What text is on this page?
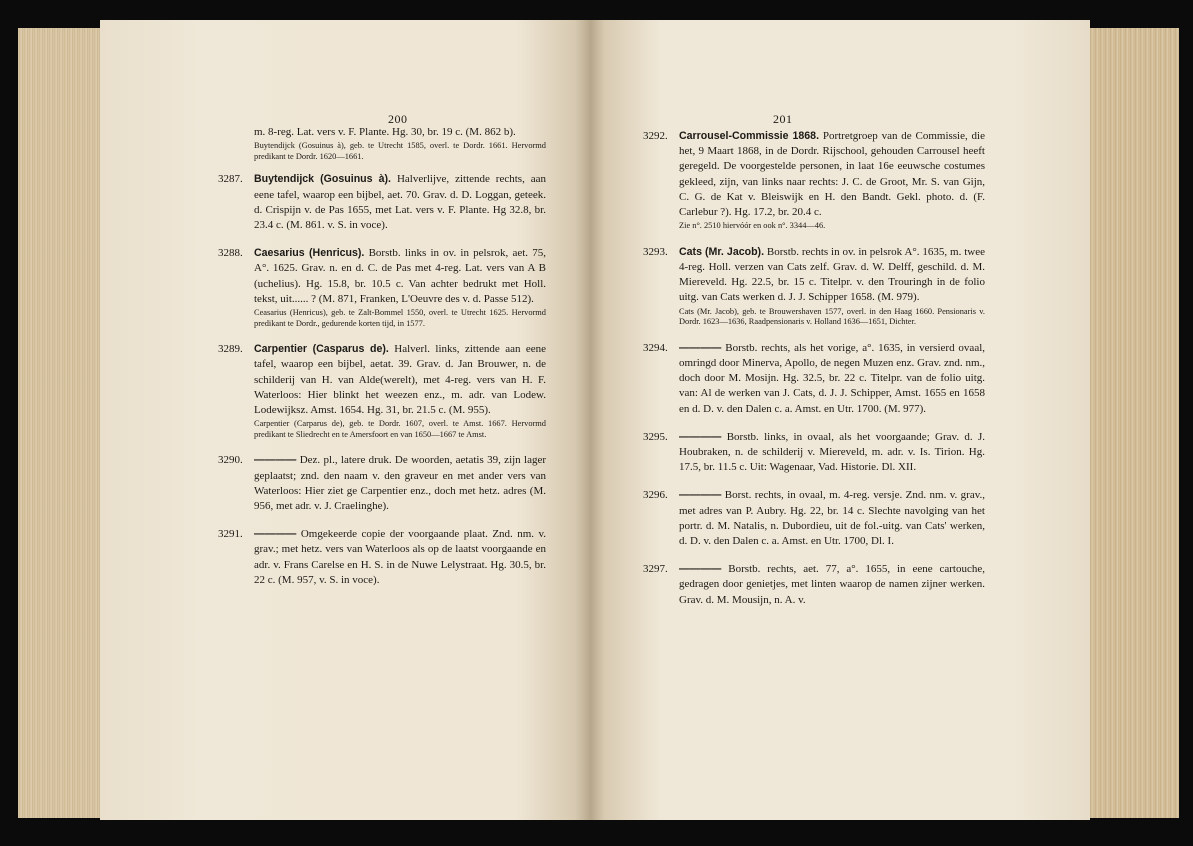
200	201
m. 8-reg. Lat. vers v. F. Plante. Hg. 30, br. 19 c. (M. 862 b).
Buytendijck (Gosuinus à), geb. te Utrecht 1585, overl. te Dordr. 1661. Hervormd predikant te Dordr. 1620—1661.
3287. Buytendijck (Gosuinus à). Halverlijve, zittende rechts, aan eene tafel, waarop een bijbel, aet. 70. Grav. d. D. Loggan, geteek. d. Crispijn v. de Pas 1655, met Lat. vers v. F. Plante. Hg 32.8, br. 23.4 c. (M. 861. v. S. in voce).
3288. Caesarius (Henricus). Borstb. links in ov. in pelsrok, aet. 75, A°. 1625. Grav. n. en d. C. de Pas met 4-reg. Lat. vers van A B (uchelius). Hg. 15.8, br. 10.5 c. Van achter bedrukt met Holl. tekst, uit...... ? (M. 871, Franken, L'Oeuvre des v. d. Passe 512).
Ceasarius (Henricus), geb. te Zalt-Bommel 1550, overl. te Utrecht 1625. Hervormd predikant te Dordr., gedurende korten tijd, in 1577.
3289. Carpentier (Casparus de). Halverl. links, zittende aan eene tafel, waarop een bijbel, aetat. 39. Grav. d. Jan Brouwer, n. de schilderij van H. van Alde(werelt), met 4-reg. vers van H. F. Waterloos: Hier blinkt het weezen enz., m. adr. van Lodew. Lodewijksz. Amst. 1654. Hg. 31, br. 21.5 c. (M. 955).
Carpentier (Carparus de), geb. te Dordr. 1607, overl. te Amst. 1667. Hervormd predikant te Sliedrecht en te Amersfoort en van 1650—1667 te Amst.
3290. ———— Dez. pl., latere druk. De woorden, aetatis 39, zijn lager geplaatst; znd. den naam v. den graveur en met ander vers van Waterloos: Hier ziet ge Carpentier enz., doch met hetz. adres (M. 956, met adr. v. J. Craelinghe).
3291. ———— Omgekeerde copie der voorgaande plaat. Znd. nm. v. grav.; met hetz. vers van Waterloos als op de laatst voorgaande en adr. v. Frans Carelse en H. S. in de Nuwe Lelystraat. Hg. 30.5, br. 22 c. (M. 957, v. S. in voce).
3292. Carrousel-Commissie 1868. Portretgroep van de Commissie, die het, 9 Maart 1868, in de Dordr. Rijschool, gehouden Carrousel heeft geregeld. De voorgestelde personen, in laat 16e eeuwsche costumes gekleed, zijn, van links naar rechts: J. C. de Groot, Mr. S. van Gijn, C. G. de Kat v. Bleiswijk en H. den Bandt. Gekl. photo. d. (F. Carlebur ?). Hg. 17.2, br. 20.4 c.
Zie n°. 2510 hiervóór en ook n°. 3344—46.
3293. Cats (Mr. Jacob). Borstb. rechts in ov. in pelsrok A°. 1635, m. twee 4-reg. Holl. verzen van Cats zelf. Grav. d. W. Delff, geschild. d. M. Miereveld. Hg. 22.5, br. 15 c. Titelpr. v. den Trouringh in de folio uitg. van Cats werken d. J. J. Schipper 1658. (M. 979).
Cats (Mr. Jacob), geb. te Brouwershaven 1577, overl. in den Haag 1660. Pensionaris v. Dordr. 1623—1636, Raadpensionaris v. Holland 1636—1651, Dichter.
3294. ———— Borstb. rechts, als het vorige, a°. 1635, in versierd ovaal, omringd door Minerva, Apollo, de negen Muzen enz. Grav. znd. nm., doch door M. Mosijn. Hg. 32.5, br. 22 c. Titelpr. van de folio uitg. van: Al de werken van J. Cats, d. J. J. Schipper, Amst. 1655 en 1658 en d. D. v. den Dalen c. a. Amst. en Utr. 1700. (M. 977).
3295. ———— Borstb. links, in ovaal, als het voorgaande; Grav. d. J. Houbraken, n. de schilderij v. Miereveld, m. adr. v. Is. Tirion. Hg. 17.5, br. 11.5 c. Uit: Wagenaar, Vad. Historie. Dl. XII.
3296. ———— Borst. rechts, in ovaal, m. 4-reg. versje. Znd. nm. v. grav., met adres van P. Aubry. Hg. 22, br. 14 c. Slechte navolging van het portr. d. M. Natalis, n. Dubordieu, uit de fol.-uitg. van Cats' werken, d. D. v. den Dalen c. a. Amst. en Utr. 1700, Dl. I.
3297. ———— Borstb. rechts, aet. 77, a°. 1655, in eene cartouche, gedragen door genietjes, met linten waarop de namen zijner werken. Grav. d. M. Mousijn, n. A. v.
